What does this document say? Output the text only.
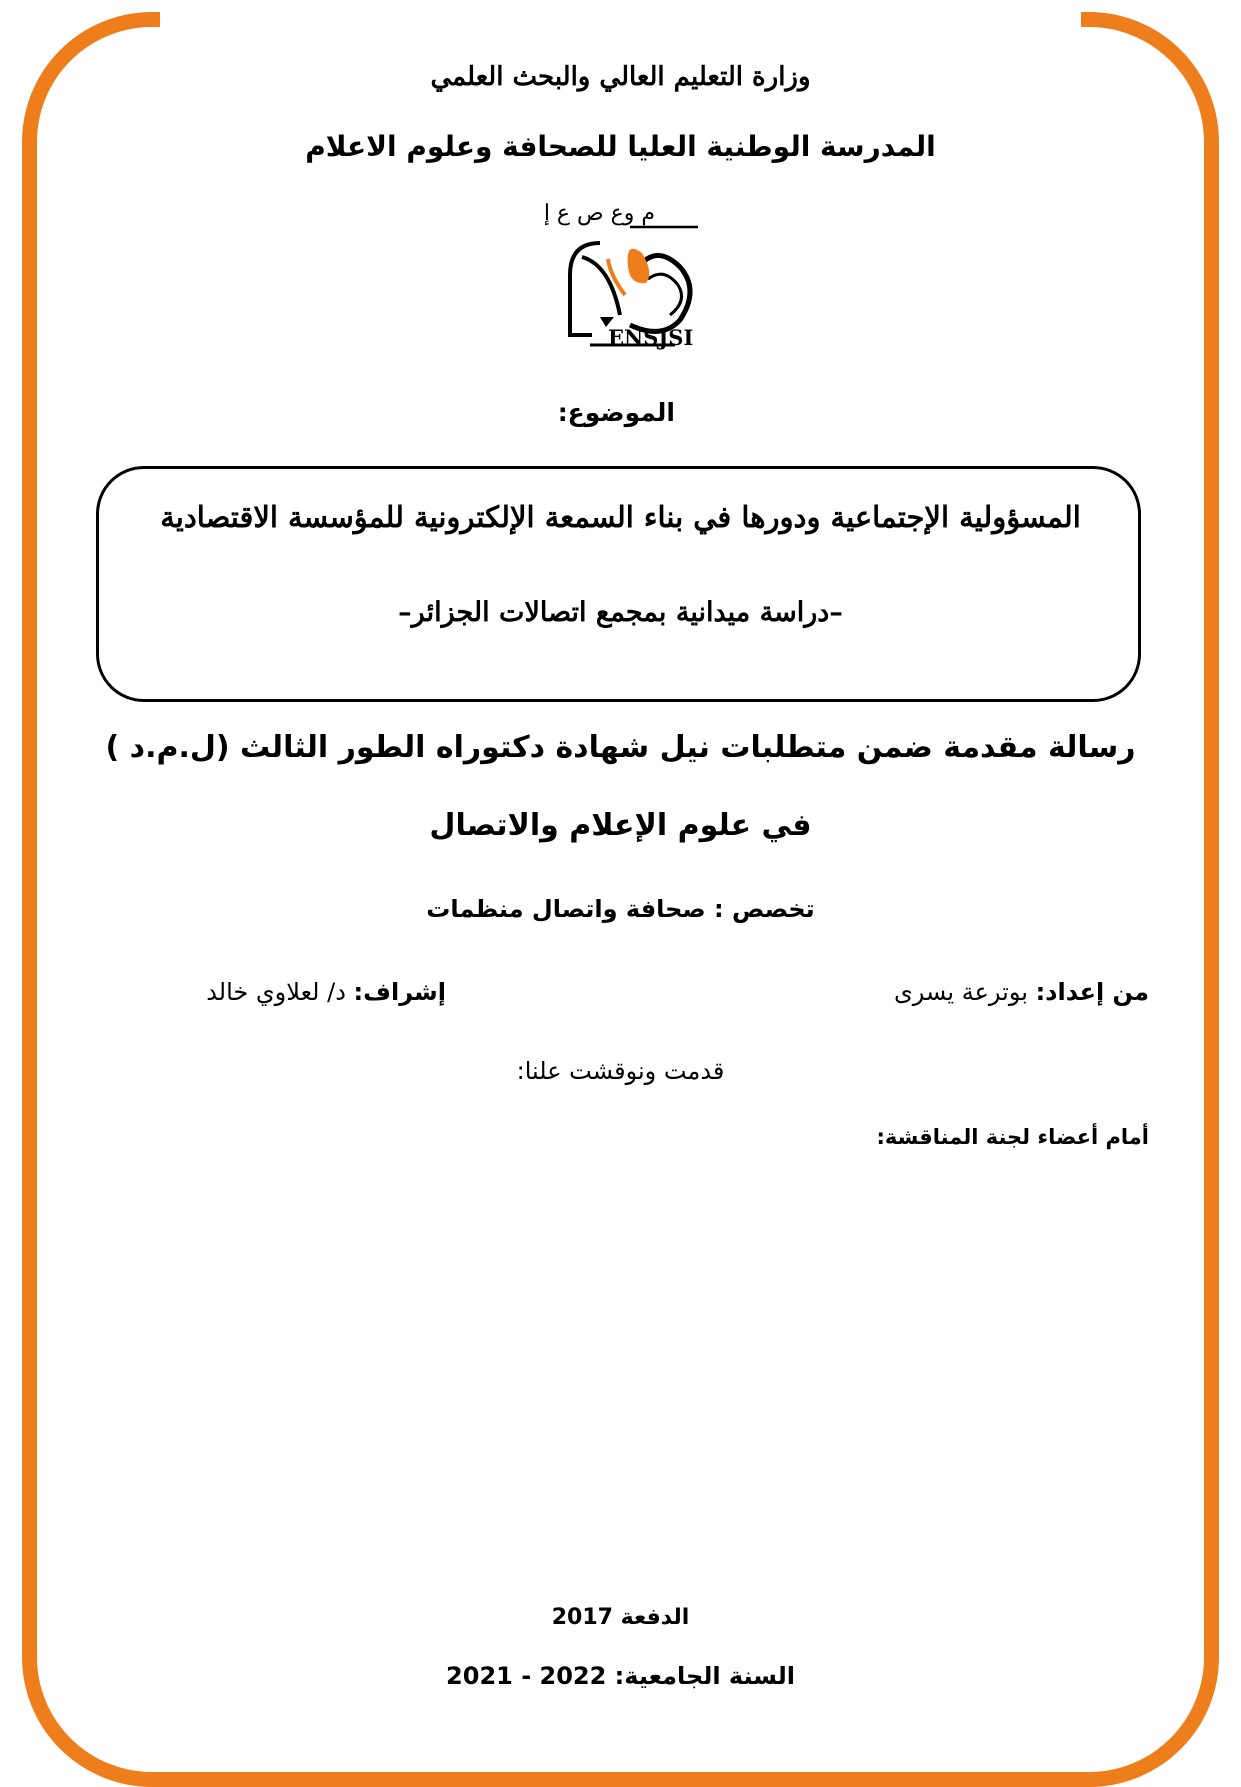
وزارة التعليم العالي والبحث العلمي
المدرسة الوطنية العليا للصحافة وعلوم الاعلام
م وع ص ع إ
ENSJSI
الموضوع:
المسؤولية الإجتماعية ودورها في بناء السمعة الإلكترونية للمؤسسة الاقتصادية
–دراسة ميدانية بمجمع اتصالات الجزائر–
رسالة مقدمة ضمن متطلبات نيل شهادة دكتوراه الطور الثالث (ل.م.د )
في علوم الإعلام والاتصال
تخصص : صحافة واتصال منظمات
من إعداد: بوترعة يسرى
إشراف: د/ لعلاوي خالد
قدمت ونوقشت علنا:
أمام أعضاء لجنة المناقشة:
الدفعة 2017
السنة الجامعية: 2021 - 2022
